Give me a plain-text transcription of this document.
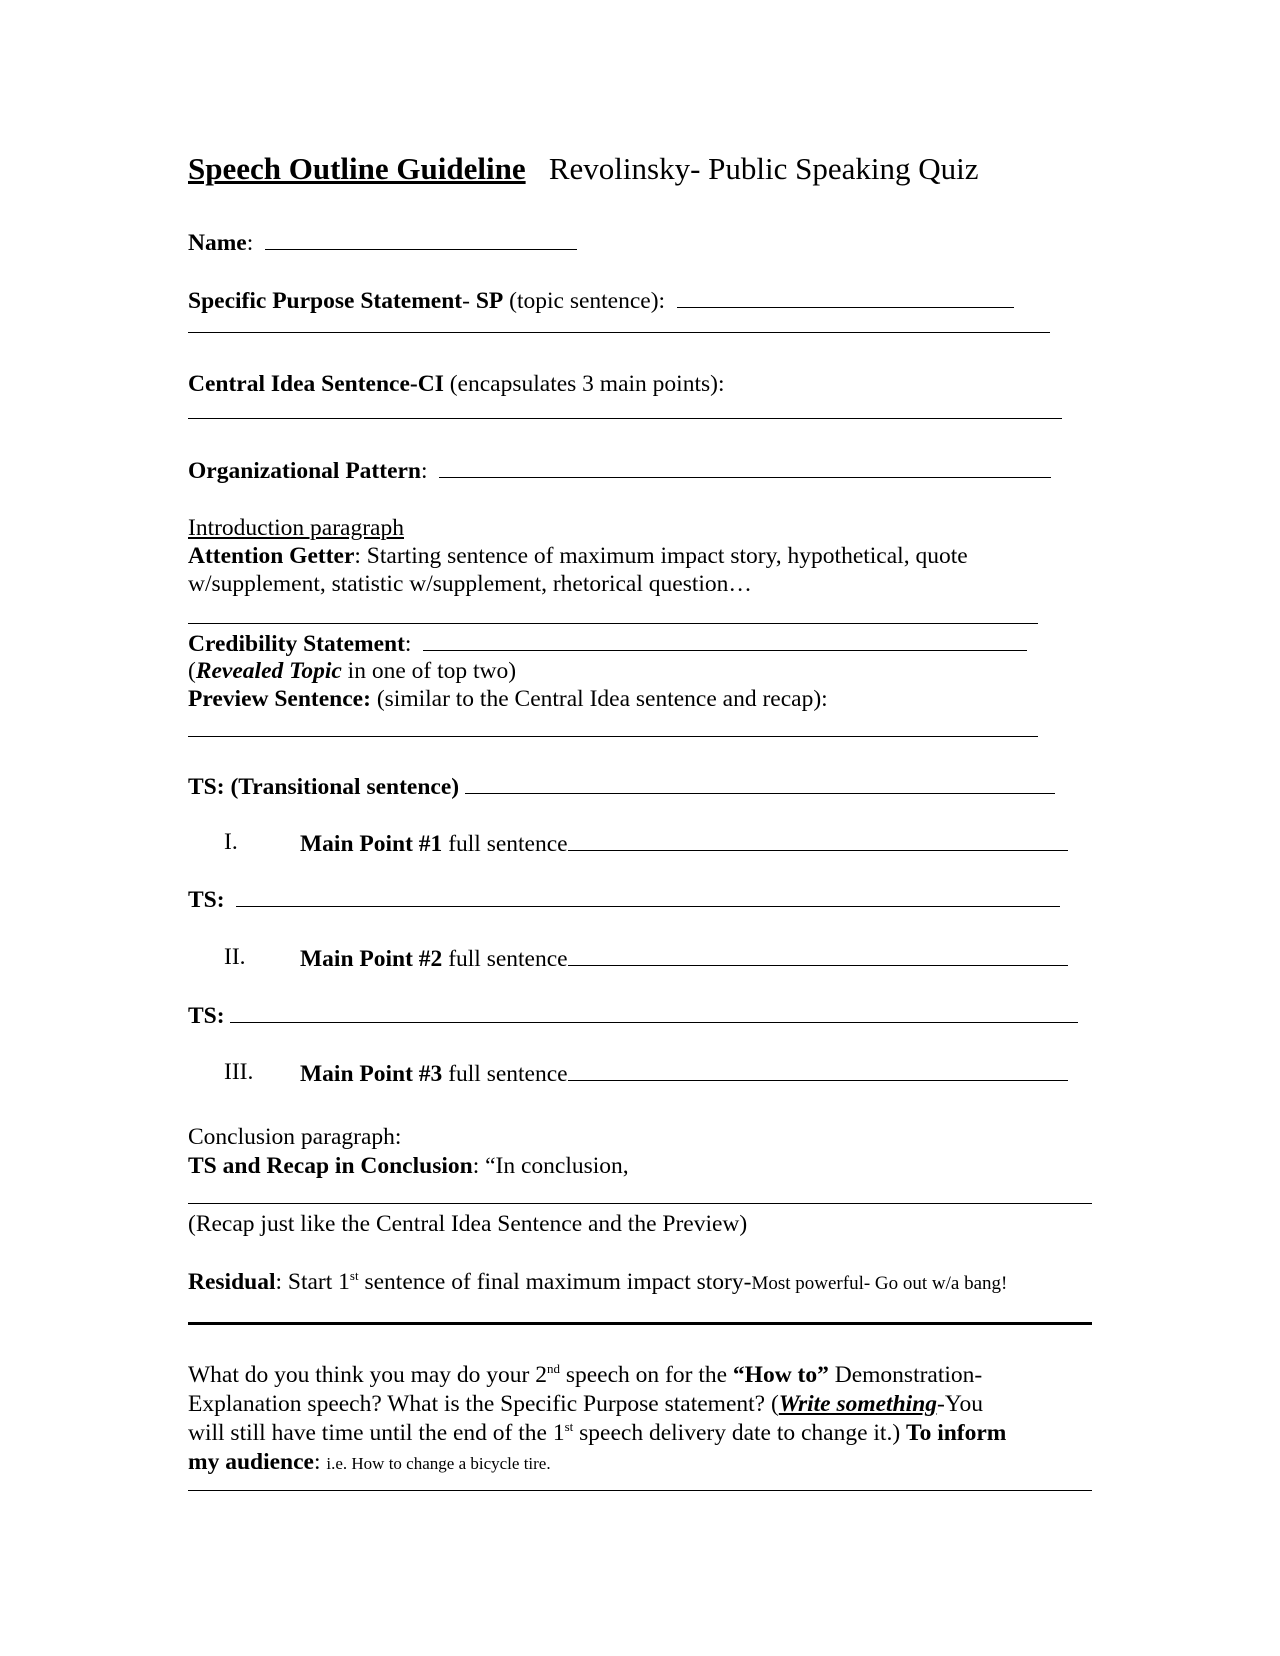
Speech Outline Guideline Revolinsky- Public Speaking Quiz
Name:
Specific Purpose Statement- SP (topic sentence):
Central Idea Sentence-CI (encapsulates 3 main points):
Organizational Pattern:
Introduction paragraph
Attention Getter: Starting sentence of maximum impact story, hypothetical, quote
w/supplement, statistic w/supplement, rhetorical question…
Credibility Statement:
(Revealed Topic in one of top two)
Preview Sentence: (similar to the Central Idea sentence and recap):
TS: (Transitional sentence)
I.	Main Point #1 full sentence
TS:
II. Main Point #2 full sentence
TS:
III. Main Point #3 full sentence
Conclusion paragraph:
TS and Recap in Conclusion: “In conclusion,
(Recap just like the Central Idea Sentence and the Preview)
Residual: Start 1st sentence of final maximum impact story-Most powerful- Go out w/a bang!
What do you think you may do your 2nd speech on for the “How to” Demonstration-
Explanation speech? What is the Specific Purpose statement? (Write something-You
will still have time until the end of the 1st speech delivery date to change it.) To inform
my audience: i.e. How to change a bicycle tire.
